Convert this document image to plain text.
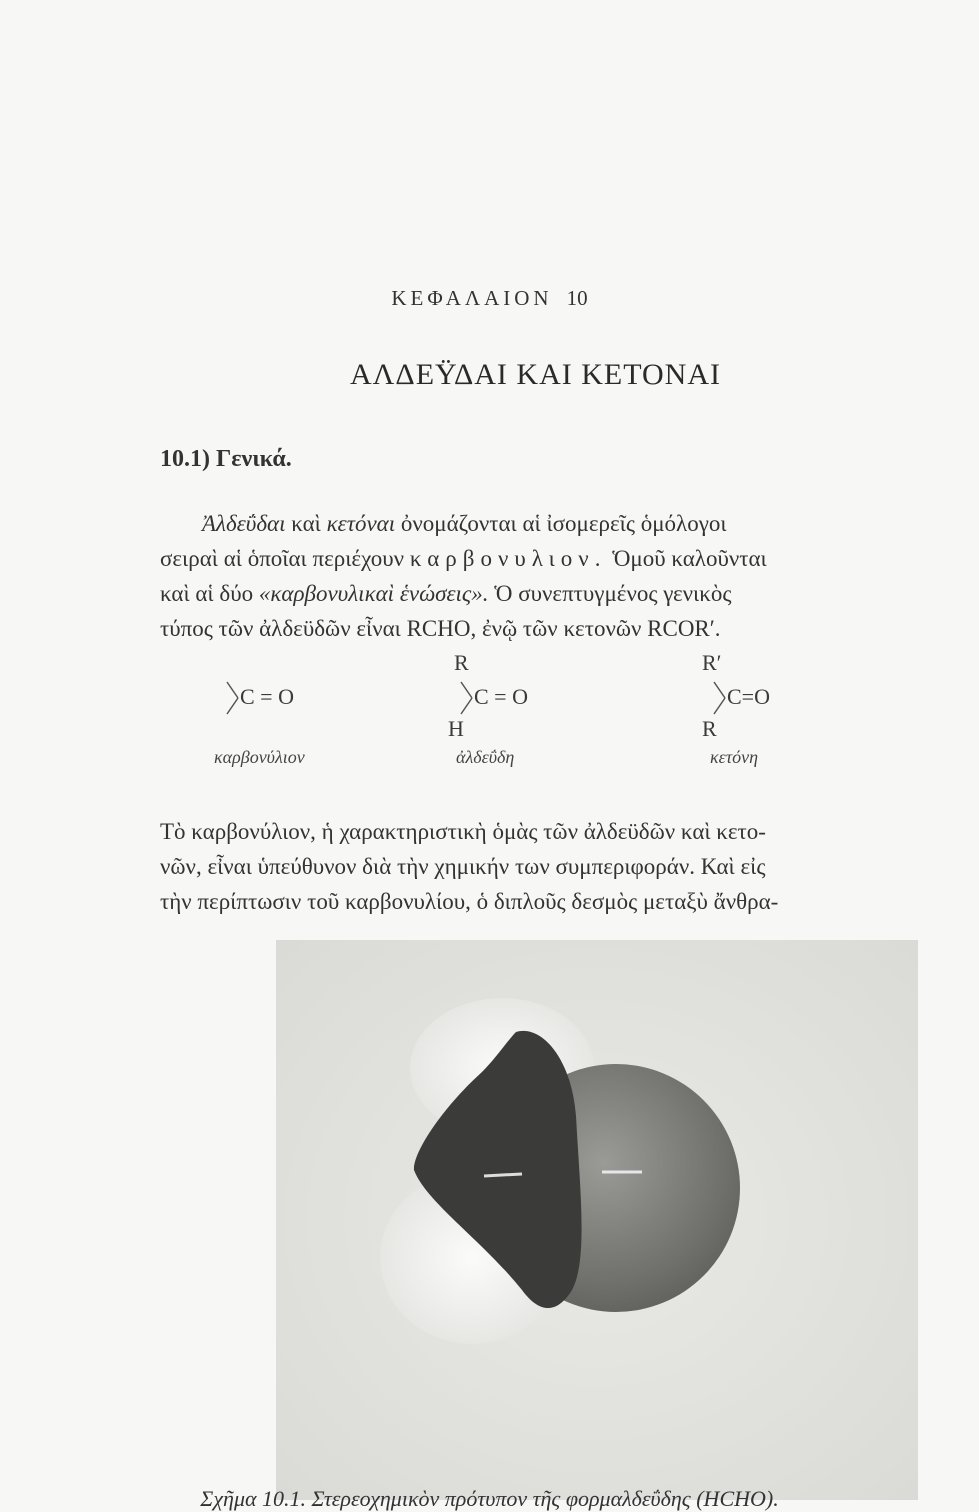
ΚΕΦΑΛΑΙΟΝ 10
ΑΛΔΕΫΔΑΙ ΚΑΙ ΚΕΤΟΝΑΙ
10.1) Γενικά.
Ἀλδεΰδαι καὶ κετόναι ὀνομάζονται αἱ ἰσομερεῖς ὁμόλογοι
σειραὶ αἱ ὁποῖαι περιέχουν καρβονυλιον. Ὁμοῦ καλοῦνται
καὶ αἱ δύο «καρβονυλικαὶ ἑνώσεις». Ὁ συνεπτυγμένος γενικὸς
τύπος τῶν ἀλδεϋδῶν εἶναι RCHO, ἐνῷ τῶν κετονῶν RCOR′.
C = O
καρβονύλιον
R
C = O
H
ἀλδεΰδη
R′
C=O
R
κετόνη
Τὸ καρβονύλιον, ἡ χαρακτηριστικὴ ὁμὰς τῶν ἀλδεϋδῶν καὶ κετο-
νῶν, εἶναι ὑπεύθυνον διὰ τὴν χημικήν των συμπεριφοράν. Καὶ εἰς
τὴν περίπτωσιν τοῦ καρβονυλίου, ὁ διπλοῦς δεσμὸς μεταξὺ ἄνθρα-
Σχῆμα 10.1. Στερεοχημικὸν πρότυπον τῆς φορμαλδεΰδης (HCHO).
